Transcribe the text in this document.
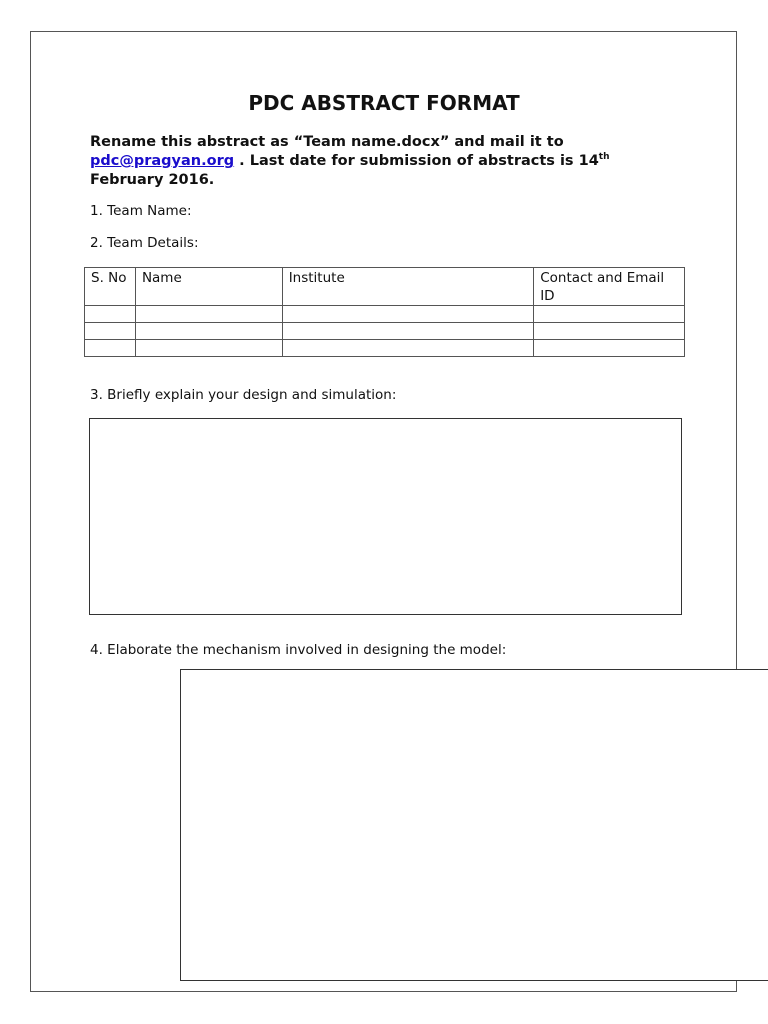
PDC ABSTRACT FORMAT

Rename this abstract as “Team name.docx” and mail it to
pdc@pragyan.org . Last date for submission of abstracts is 14th February 2016.

1. Team Name:

2. Team Details:

S. No	Name	Institute	Contact and Email ID

3. Briefly explain your design and simulation:

4. Elaborate the mechanism involved in designing the model:
